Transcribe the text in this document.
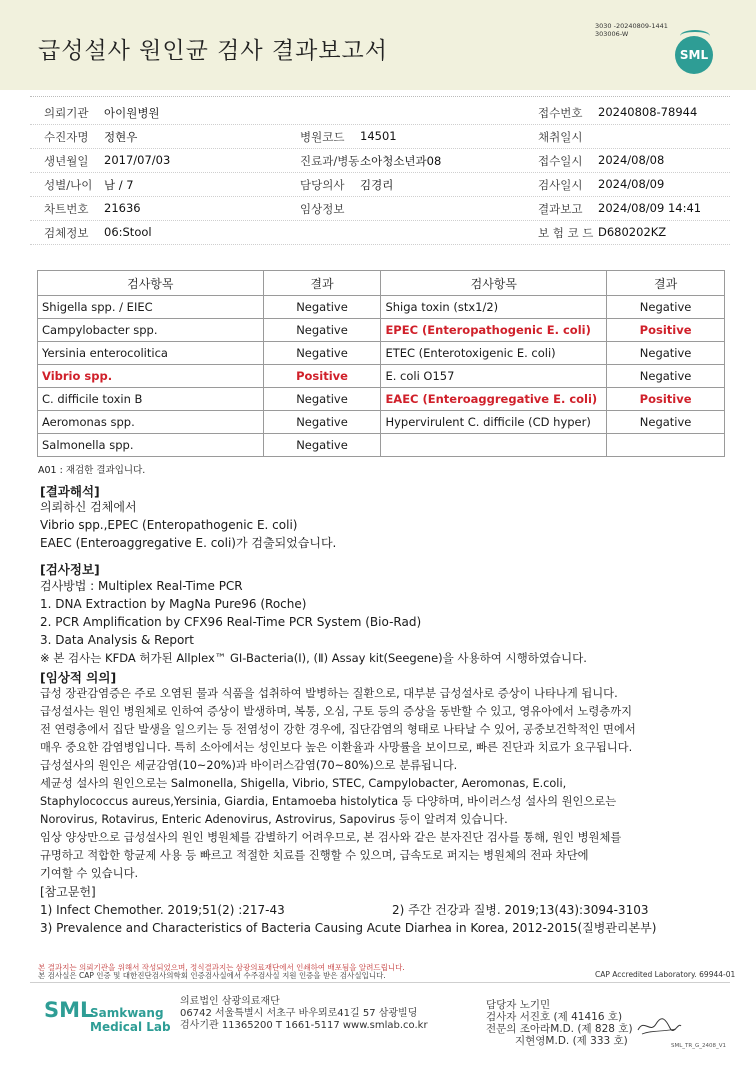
급성설사 원인균 검사 결과보고서
3030 -20240809-1441
303006-W
SML
의뢰기관 아이원병원	접수번호 20240808-78944
수진자명 정현우	병원코드 14501	채취일시
생년월일 2017/07/03	진료과/병동 소아청소년과08	접수일시 2024/08/08
성별/나이 남 / 7	담당의사 김경리	검사일시 2024/08/09
차트번호 21636	임상정보	결과보고 2024/08/09 14:41
검체정보 06:Stool	보 험 코 드 D680202KZ
검사항목	결과	검사항목	결과
Shigella spp. / EIEC	Negative	Shiga toxin (stx1/2)	Negative
Campylobacter spp.	Negative	EPEC (Enteropathogenic E. coli)	Positive
Yersinia enterocolitica	Negative	ETEC (Enterotoxigenic E. coli)	Negative
Vibrio spp.	Positive	E. coli O157	Negative
C. difficile toxin B	Negative	EAEC (Enteroaggregative E. coli)	Positive
Aeromonas spp.	Negative	Hypervirulent C. difficile (CD hyper)	Negative
Salmonella spp.	Negative		
A01 : 재검한 결과입니다.
[결과해석]
의뢰하신 검체에서
Vibrio spp.,EPEC (Enteropathogenic E. coli)
EAEC (Enteroaggregative E. coli)가 검출되었습니다.
[검사정보]
검사방법 : Multiplex Real-Time PCR
1. DNA Extraction by MagNa Pure96 (Roche)
2. PCR Amplification by CFX96 Real-Time PCR System (Bio-Rad)
3. Data Analysis & Report
※ 본 검사는 KFDA 허가된 Allplex™ GI-Bacteria(Ⅰ), (Ⅱ) Assay kit(Seegene)을 사용하여 시행하였습니다.
[임상적 의의]
급성 장관감염증은 주로 오염된 물과 식품을 섭취하여 발병하는 질환으로, 대부분 급성설사로 증상이 나타나게 됩니다.
급성설사는 원인 병원체로 인하여 증상이 발생하며, 복통, 오심, 구토 등의 증상을 동반할 수 있고, 영유아에서 노령층까지
전 연령층에서 집단 발생을 일으키는 등 전염성이 강한 경우에, 집단감염의 형태로 나타날 수 있어, 공중보건학적인 면에서
매우 중요한 감염병입니다. 특히 소아에서는 성인보다 높은 이환율과 사망률을 보이므로, 빠른 진단과 치료가 요구됩니다.
급성설사의 원인은 세균감염(10~20%)과 바이러스감염(70~80%)으로 분류됩니다.
세균성 설사의 원인으로는 Salmonella, Shigella, Vibrio, STEC, Campylobacter, Aeromonas, E.coli,
Staphylococcus aureus,Yersinia, Giardia, Entamoeba histolytica 등 다양하며, 바이러스성 설사의 원인으로는
Norovirus, Rotavirus, Enteric Adenovirus, Astrovirus, Sapovirus 등이 알려져 있습니다.
임상 양상만으로 급성설사의 원인 병원체를 감별하기 어려우므로, 본 검사와 같은 분자진단 검사를 통해, 원인 병원체를
규명하고 적합한 항균제 사용 등 빠르고 적절한 치료를 진행할 수 있으며, 급속도로 퍼지는 병원체의 전파 차단에
기여할 수 있습니다.
[참고문헌]
1) Infect Chemother. 2019;51(2) :217-43	2) 주간 건강과 질병. 2019;13(43):3094-3103
3) Prevalence and Characteristics of Bacteria Causing Acute Diarhea in Korea, 2012-2015(질병관리본부)
본 결과지는 의뢰기관을 위해서 작성되었으며, 정식결과지는 삼광의료재단에서 인쇄하여 배포됨을 알려드립니다.
본 검사실은 CAP 인증 및 대한진단검사의학회 인증검사실에서 수주검사실 지원 인증을 받은 검사실입니다.	CAP Accredited Laboratory. 69944-01
SML
Samkwang
Medical Lab
의료법인 삼광의료재단
06742 서울특별시 서초구 바우뫼로41길 57 삼광빌딩
검사기관 11365200 T 1661-5117 www.smlab.co.kr
담당자 노기민
검사자 서진호 (제 41416 호)
전문의 조아라M.D. (제 828 호)
지현영M.D. (제 333 호)	SML_TR_G_2408_V1
